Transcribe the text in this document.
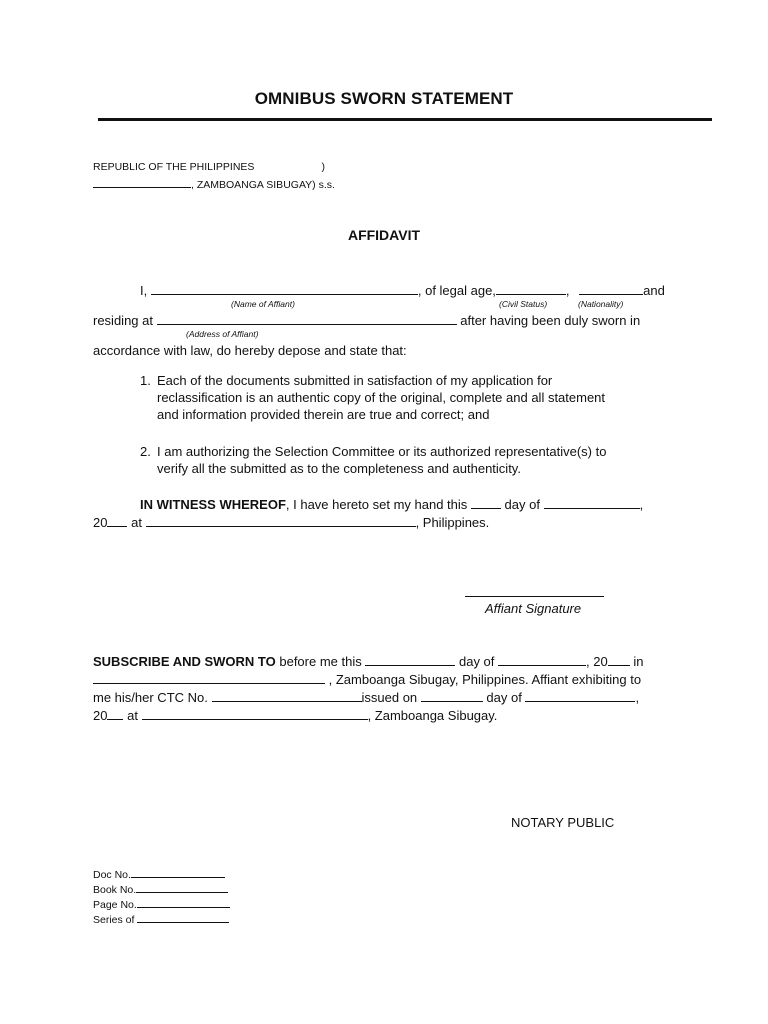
OMNIBUS SWORN STATEMENT
REPUBLIC OF THE PHILIPPINES	)
, ZAMBOANGA SIBUGAY) s.s.
AFFIDAVIT
I,	, of legal age,	,	and
(Name of Affiant)	(Civil Status)	(Nationality)
residing at	after having been duly sworn in
(Address of Affiant)
accordance with law, do hereby depose and state that:
1. Each of the documents submitted in satisfaction of my application for
reclassification is an authentic copy of the original, complete and all statement
and information provided therein are true and correct; and
2. I am authorizing the Selection Committee or its authorized representative(s) to
verify all the submitted as to the completeness and authenticity.
IN WITNESS WHEREOF, I have hereto set my hand this	day of	,
20 at	, Philippines.
Affiant Signature
SUBSCRIBE AND SWORN TO before me this	day of	, 20 in
, Zamboanga Sibugay, Philippines. Affiant exhibiting to
me his/her CTC No.	issued on	day of	,
20 at	, Zamboanga Sibugay.
NOTARY PUBLIC
Doc No.
Book No.
Page No.
Series of
